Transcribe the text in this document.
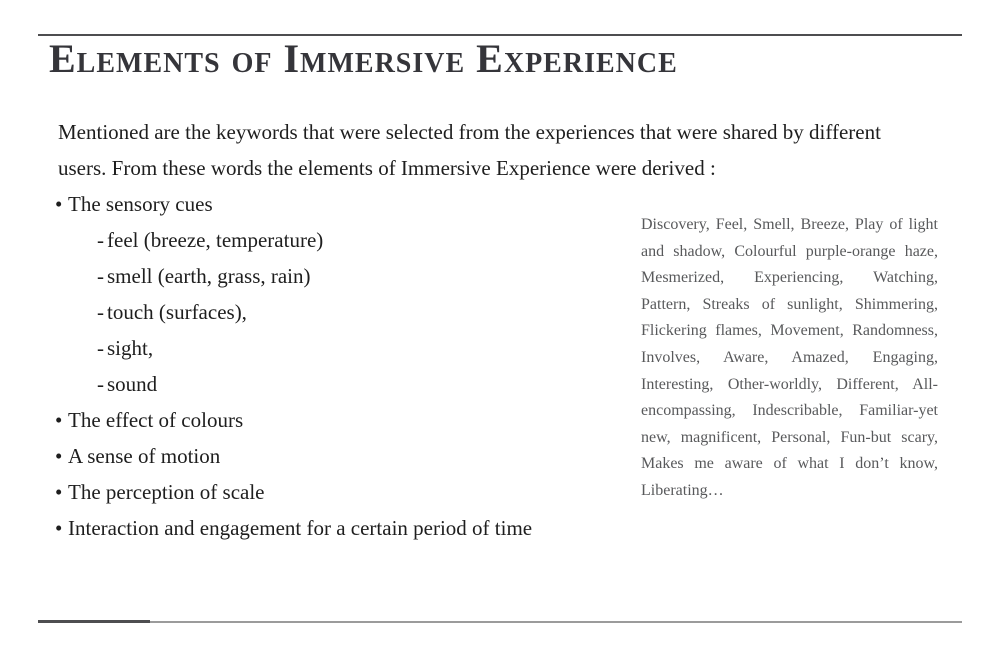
Elements of Immersive Experience

Mentioned are the keywords that were selected from the experiences that were shared by different users. From these words the elements of Immersive Experience were derived :

• The sensory cues
- feel (breeze, temperature)
- smell (earth, grass, rain)
- touch (surfaces),
- sight,
- sound
• The effect of colours
• A sense of motion
• The perception of scale
• Interaction and engagement for a certain period of time
Discovery, Feel, Smell, Breeze, Play of light and shadow, Colourful purple-orange haze, Mesmerized, Experiencing, Watching, Pattern, Streaks of sunlight, Shimmering, Flickering flames, Movement, Randomness, Involves, Aware, Amazed, Engaging, Interesting, Other-worldly, Different, All-encompassing, Indescribable, Familiar-yet new, magnificent, Personal, Fun-but scary, Makes me aware of what I don’t know, Liberating…
